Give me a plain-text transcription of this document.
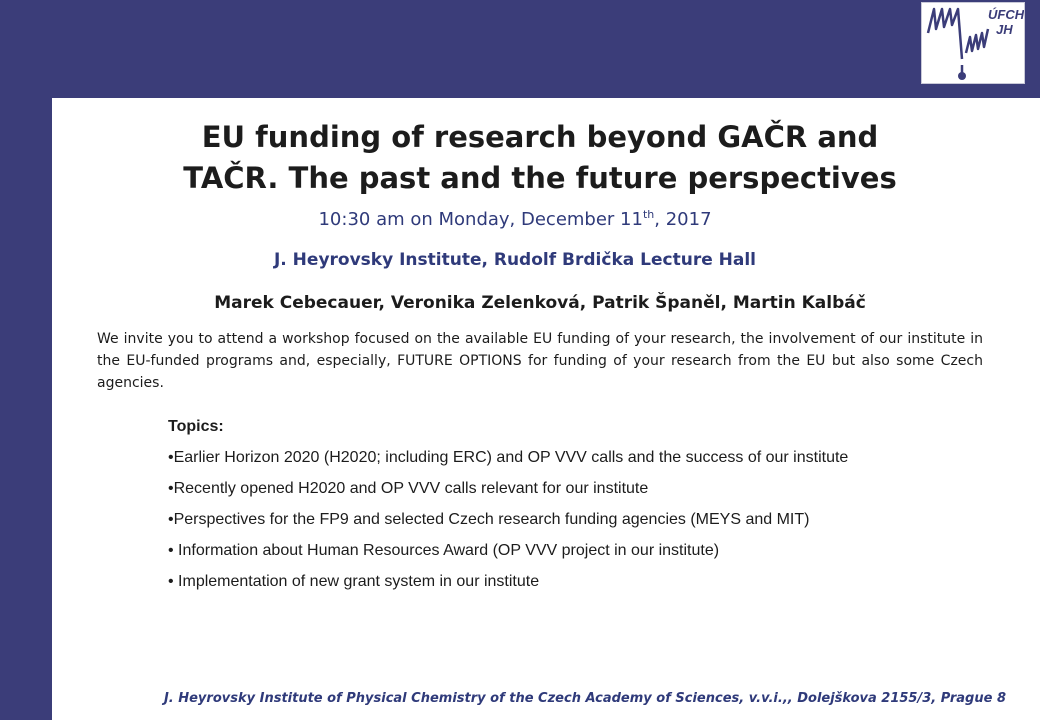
ÚFCH
JH
EU funding of research beyond GAČR and
TAČR. The past and the future perspectives
10:30 am on Monday, December 11th, 2017
J. Heyrovsky Institute, Rudolf Brdička Lecture Hall
Marek Cebecauer, Veronika Zelenková, Patrik Španěl, Martin Kalbáč
We invite you to attend a workshop focused on the available EU funding of your research, the involvement of our institute in the EU-funded programs and, especially, FUTURE OPTIONS for funding of your research from the EU but also some Czech agencies.
Topics:
•Earlier Horizon 2020 (H2020; including ERC) and OP VVV calls and the success of our institute
•Recently opened H2020 and OP VVV calls relevant for our institute
•Perspectives for the FP9 and selected Czech research funding agencies (MEYS and MIT)
• Information about Human Resources Award (OP VVV project in our institute)
• Implementation of new grant system in our institute
J. Heyrovsky Institute of Physical Chemistry of the Czech Academy of Sciences, v.v.i.,, Dolejškova 2155/3, Prague 8
